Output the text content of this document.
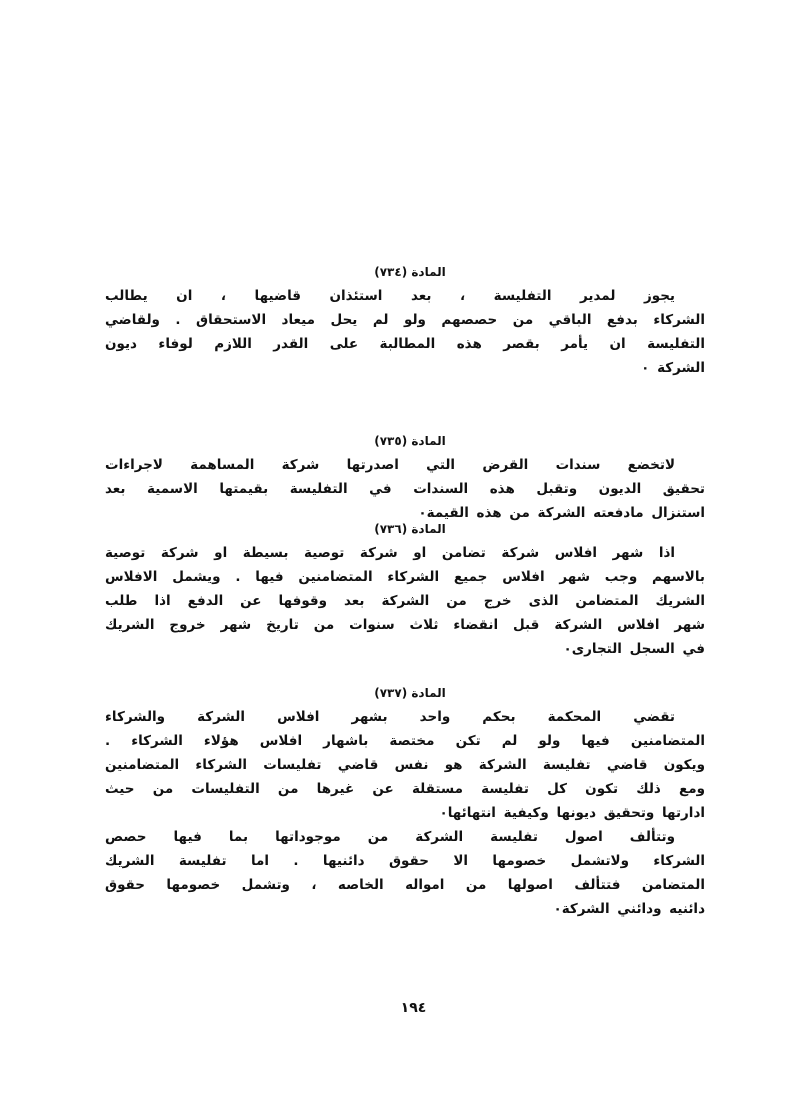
المادة (٧٣٤)
يجوز لمدير التفليسة ، بعد استئذان قاضيها ، ان يطالب
الشركاء بدفع الباقي من حصصهم ولو لم يحل ميعاد الاستحقاق . ولقاضي
التفليسة ان يأمر بقصر هذه المطالبة على القدر اللازم لوفاء ديون
الشركة ٠
المادة (٧٣٥)
لاتخضع سندات القرض التي اصدرتها شركة المساهمة لاجراءات
تحقيق الديون وتقبل هذه السندات في التفليسة بقيمتها الاسمية بعد
استنزال مادفعته الشركة من هذه القيمة٠
المادة (٧٣٦)
اذا شهر افلاس شركة تضامن او شركة توصية بسيطة او شركة توصية
بالاسهم وجب شهر افلاس جميع الشركاء المتضامنين فيها . ويشمل الافلاس
الشريك المتضامن الذى خرج من الشركة بعد وقوفها عن الدفع اذا طلب
شهر افلاس الشركة قبل انقضاء ثلاث سنوات من تاريخ شهر خروج الشريك
في السجل التجارى٠
المادة (٧٣٧)
تقضي المحكمة بحكم واحد بشهر افلاس الشركة والشركاء
المتضامنين فيها ولو لم تكن مختصة باشهار افلاس هؤلاء الشركاء .
ويكون قاضي تفليسة الشركة هو نفس قاضي تفليسات الشركاء المتضامنين
ومع ذلك تكون كل تفليسة مستقلة عن غيرها من التفليسات من حيث
ادارتها وتحقيق ديونها وكيفية انتهائها٠
وتتألف اصول تفليسة الشركة من موجوداتها بما فيها حصص
الشركاء ولاتشمل خصومها الا حقوق دائنيها . اما تفليسة الشريك
المتضامن فتتألف اصولها من امواله الخاصه ، وتشمل خصومها حقوق
دائنيه ودائني الشركة٠
١٩٤
